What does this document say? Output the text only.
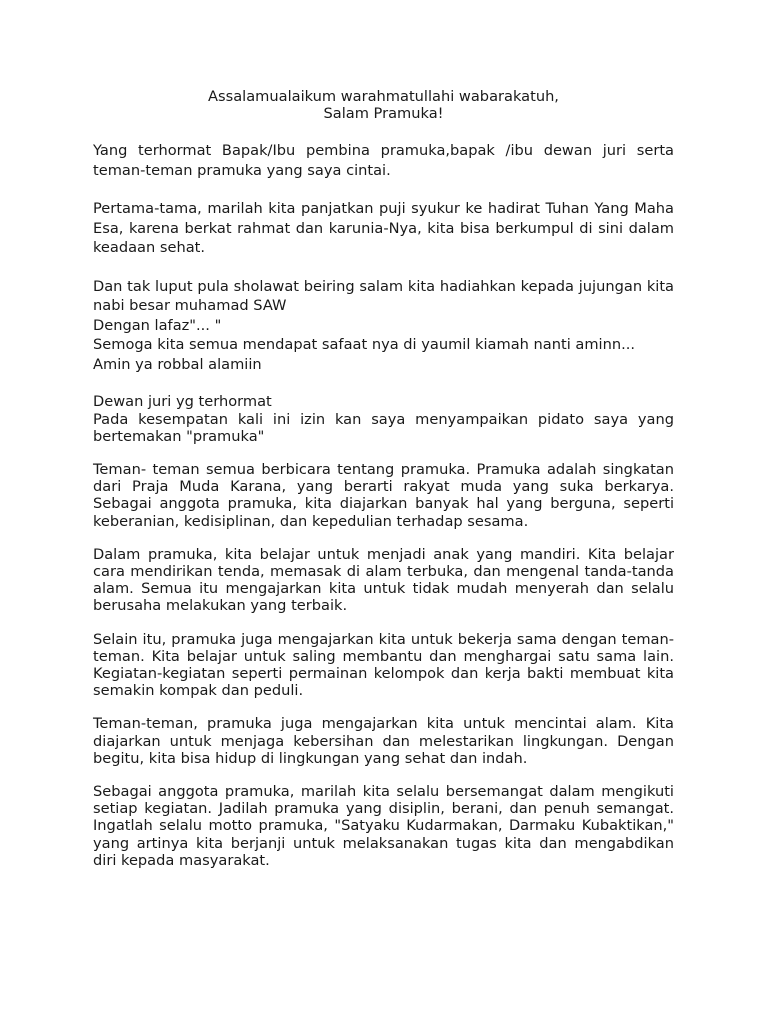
Assalamualaikum warahmatullahi wabarakatuh,
Salam Pramuka!

Yang terhormat Bapak/Ibu pembina pramuka,bapak /ibu dewan juri serta teman-teman pramuka yang saya cintai.

Pertama-tama, marilah kita panjatkan puji syukur ke hadirat Tuhan Yang Maha Esa, karena berkat rahmat dan karunia-Nya, kita bisa berkumpul di sini dalam keadaan sehat.

Dan tak luput pula sholawat beiring salam kita hadiahkan kepada jujungan kita nabi besar muhamad SAW

Dengan lafaz"... "

Semoga kita semua mendapat safaat nya di yaumil kiamah nanti aminn...

Amin ya robbal alamiin

Dewan juri yg terhormat

Pada kesempatan kali ini izin kan saya menyampaikan pidato saya yang bertemakan "pramuka"

Teman- teman semua berbicara tentang pramuka. Pramuka adalah singkatan dari Praja Muda Karana, yang berarti rakyat muda yang suka berkarya. Sebagai anggota pramuka, kita diajarkan banyak hal yang berguna, seperti keberanian, kedisiplinan, dan kepedulian terhadap sesama.

Dalam pramuka, kita belajar untuk menjadi anak yang mandiri. Kita belajar cara mendirikan tenda, memasak di alam terbuka, dan mengenal tanda-tanda alam. Semua itu mengajarkan kita untuk tidak mudah menyerah dan selalu berusaha melakukan yang terbaik.

Selain itu, pramuka juga mengajarkan kita untuk bekerja sama dengan teman-teman. Kita belajar untuk saling membantu dan menghargai satu sama lain. Kegiatan-kegiatan seperti permainan kelompok dan kerja bakti membuat kita semakin kompak dan peduli.

Teman-teman, pramuka juga mengajarkan kita untuk mencintai alam. Kita diajarkan untuk menjaga kebersihan dan melestarikan lingkungan. Dengan begitu, kita bisa hidup di lingkungan yang sehat dan indah.

Sebagai anggota pramuka, marilah kita selalu bersemangat dalam mengikuti setiap kegiatan. Jadilah pramuka yang disiplin, berani, dan penuh semangat. Ingatlah selalu motto pramuka, "Satyaku Kudarmakan, Darmaku Kubaktikan," yang artinya kita berjanji untuk melaksanakan tugas kita dan mengabdikan diri kepada masyarakat.
